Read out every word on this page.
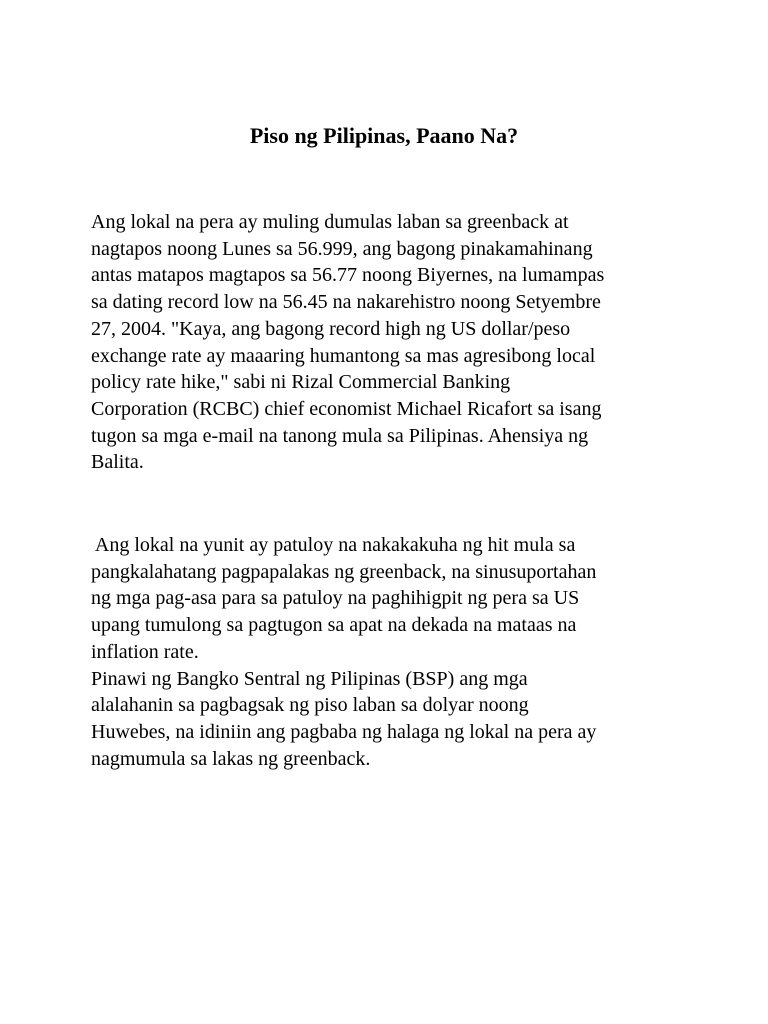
Piso ng Pilipinas, Paano Na?
Ang lokal na pera ay muling dumulas laban sa greenback at
nagtapos noong Lunes sa 56.999, ang bagong pinakamahinang
antas matapos magtapos sa 56.77 noong Biyernes, na lumampas
sa dating record low na 56.45 na nakarehistro noong Setyembre
27, 2004. "Kaya, ang bagong record high ng US dollar/peso
exchange rate ay maaaring humantong sa mas agresibong local
policy rate hike," sabi ni Rizal Commercial Banking
Corporation (RCBC) chief economist Michael Ricafort sa isang
tugon sa mga e-mail na tanong mula sa Pilipinas. Ahensiya ng
Balita.
Ang lokal na yunit ay patuloy na nakakakuha ng hit mula sa
pangkalahatang pagpapalakas ng greenback, na sinusuportahan
ng mga pag-asa para sa patuloy na paghihigpit ng pera sa US
upang tumulong sa pagtugon sa apat na dekada na mataas na
inflation rate.
Pinawi ng Bangko Sentral ng Pilipinas (BSP) ang mga
alalahanin sa pagbagsak ng piso laban sa dolyar noong
Huwebes, na idiniin ang pagbaba ng halaga ng lokal na pera ay
nagmumula sa lakas ng greenback.
